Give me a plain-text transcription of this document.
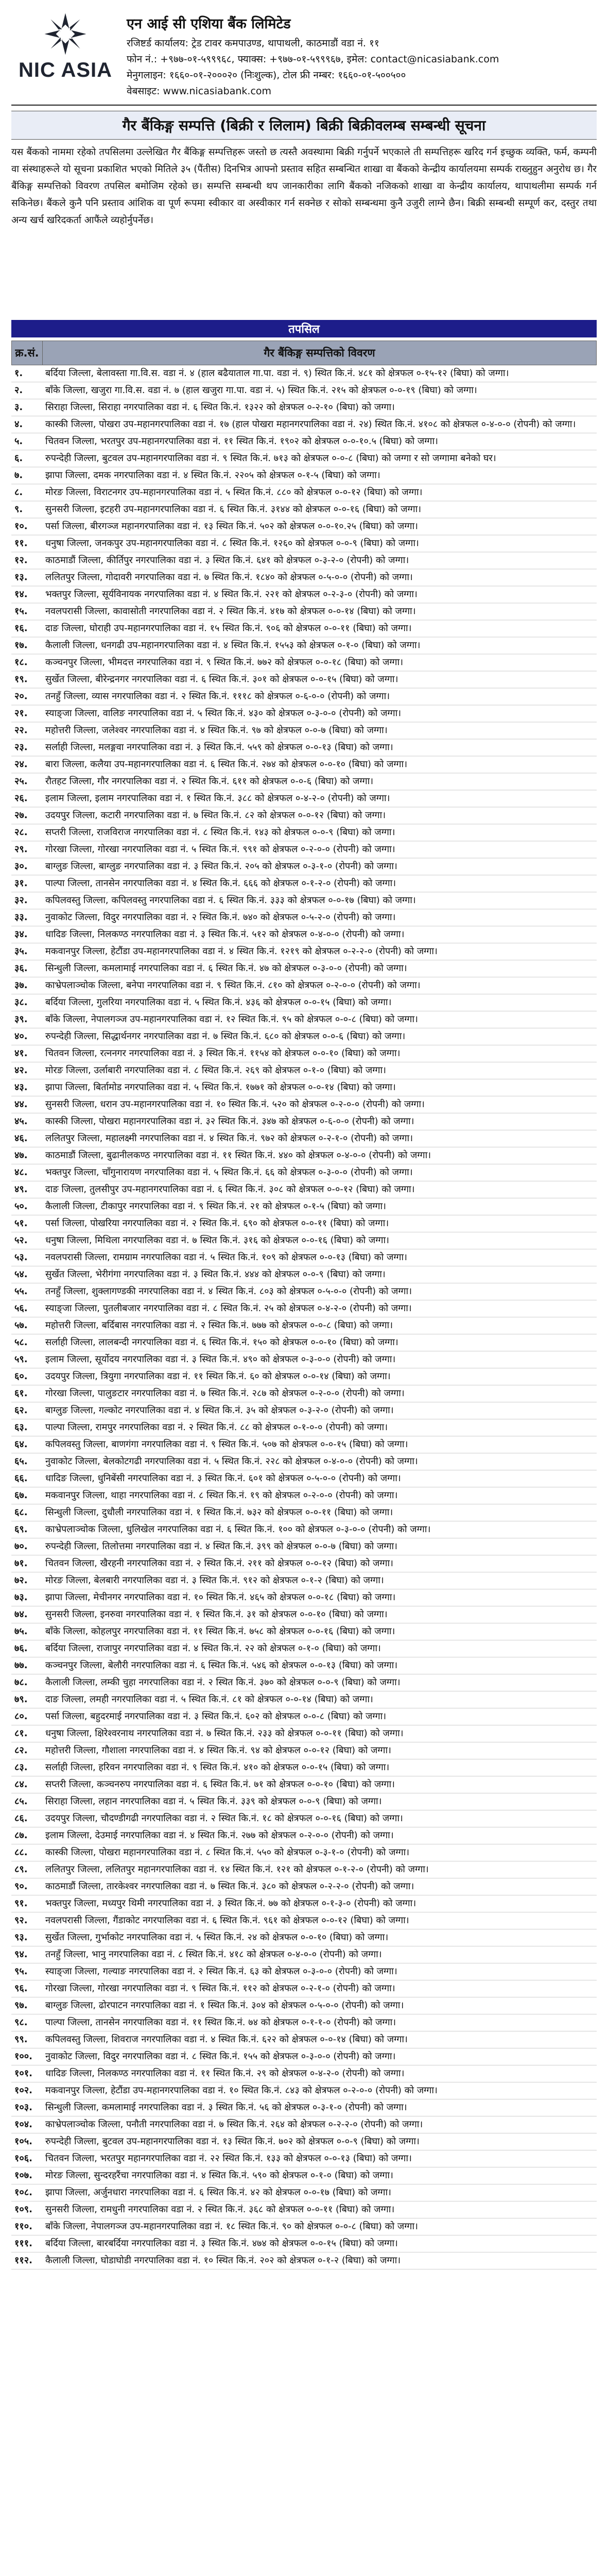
NIC ASIA

एन आई सी एशिया बैंक लिमिटेड

रजिष्टर्ड कार्यालय: ट्रेड टावर कमपाउण्ड, थापाथली, काठमाडौं वडा नं. ११

फोन नं.: +९७७-०१-५९९९६८, फ्याक्स: +९७७-०१-५९९९६७, इमेल: contact@nicasiabank.com

मेनुगलाइन: १६६०-०१-२०००२० (निःशुल्क), टोल फ्री नम्बर: १६६०-०१-५००५००

वेबसाइट: www.nicasiabank.com

गैर बैंकिङ्ग सम्पत्ति (बिक्री र लिलाम) बिक्री बिक्रीवलम्ब सम्बन्धी सूचना

यस बैंकको नाममा रहेको तपसिलमा उल्लेखित गैर बैंकिङ्ग सम्पत्तिहरू जस्तो छ त्यस्तै अवस्थामा बिक्री गर्नुपर्ने भएकाले ती सम्पत्तिहरू खरिद गर्न इच्छुक व्यक्ति, फर्म, कम्पनी वा संस्थाहरूले यो सूचना प्रकाशित भएको मितिले ३५ (पैंतीस) दिनभित्र आफ्नो प्रस्ताव सहित सम्बन्धित शाखा वा बैंकको केन्द्रीय कार्यालयमा सम्पर्क राख्नुहुन अनुरोध छ। गैर बैंकिङ्ग सम्पत्तिको विवरण तपसिल बमोजिम रहेको छ। सम्पत्ति सम्बन्धी थप जानकारीका लागि बैंकको नजिकको शाखा वा केन्द्रीय कार्यालय, थापाथलीमा सम्पर्क गर्न सकिनेछ। बैंकले कुनै पनि प्रस्ताव आंशिक वा पूर्ण रूपमा स्वीकार वा अस्वीकार गर्न सक्नेछ र सोको सम्बन्धमा कुनै उजुरी लाग्ने छैन। बिक्री सम्बन्धी सम्पूर्ण कर, दस्तुर तथा अन्य खर्च खरिदकर्ता आफैंले व्यहोर्नुपर्नेछ।

तपसिल
क्र.सं.	गैर बैंकिङ्ग सम्पत्तिको विवरण
१.	बर्दिया जिल्ला, बेलावस्ता गा.वि.स. वडा नं. ४ (हाल बढैयाताल गा.पा. वडा नं. ९) स्थित कि.नं. ४८१ को क्षेत्रफल ०-१५-१२ (बिघा) को जग्गा।
२.	बाँके जिल्ला, खजुरा गा.वि.स. वडा नं. ७ (हाल खजुरा गा.पा. वडा नं. ५) स्थित कि.नं. २१५ को क्षेत्रफल ०-०-१९ (बिघा) को जग्गा।
३.	सिराहा जिल्ला, सिराहा नगरपालिका वडा नं. ६ स्थित कि.नं. १३२२ को क्षेत्रफल ०-२-१० (बिघा) को जग्गा।
४.	कास्की जिल्ला, पोखरा उप-महानगरपालिका वडा नं. १७ (हाल पोखरा महानगरपालिका वडा नं. २४) स्थित कि.नं. ४१०८ को क्षेत्रफल ०-४-०-० (रोपनी) को जग्गा।
५.	चितवन जिल्ला, भरतपुर उप-महानगरपालिका वडा नं. ११ स्थित कि.नं. १९०२ को क्षेत्रफल ०-०-१०.५ (बिघा) को जग्गा।
६.	रुपन्देही जिल्ला, बुटवल उप-महानगरपालिका वडा नं. ९ स्थित कि.नं. ७१३ को क्षेत्रफल ०-०-८ (बिघा) को जग्गा र सो जग्गामा बनेको घर।
७.	झापा जिल्ला, दमक नगरपालिका वडा नं. ४ स्थित कि.नं. २२०५ को क्षेत्रफल ०-१-५ (बिघा) को जग्गा।
८.	मोरङ जिल्ला, विराटनगर उप-महानगरपालिका वडा नं. ५ स्थित कि.नं. ८८० को क्षेत्रफल ०-०-१२ (बिघा) को जग्गा।
९.	सुनसरी जिल्ला, इटहरी उप-महानगरपालिका वडा नं. ६ स्थित कि.नं. ३१४४ को क्षेत्रफल ०-०-१६ (बिघा) को जग्गा।
१०.	पर्सा जिल्ला, बीरगञ्ज महानगरपालिका वडा नं. १३ स्थित कि.नं. ५०२ को क्षेत्रफल ०-०-१०.२५ (बिघा) को जग्गा।
११.	धनुषा जिल्ला, जनकपुर उप-महानगरपालिका वडा नं. ८ स्थित कि.नं. १२६० को क्षेत्रफल ०-०-९ (बिघा) को जग्गा।
१२.	काठमाडौं जिल्ला, कीर्तिपुर नगरपालिका वडा नं. ३ स्थित कि.नं. ६४१ को क्षेत्रफल ०-३-२-० (रोपनी) को जग्गा।
१३.	ललितपुर जिल्ला, गोदावरी नगरपालिका वडा नं. ७ स्थित कि.नं. १८४० को क्षेत्रफल ०-५-०-० (रोपनी) को जग्गा।
१४.	भक्तपुर जिल्ला, सूर्यविनायक नगरपालिका वडा नं. ४ स्थित कि.नं. २२१ को क्षेत्रफल ०-२-३-० (रोपनी) को जग्गा।
१५.	नवलपरासी जिल्ला, कावासोती नगरपालिका वडा नं. २ स्थित कि.नं. ४१७ को क्षेत्रफल ०-०-१४ (बिघा) को जग्गा।
१६.	दाङ जिल्ला, घोराही उप-महानगरपालिका वडा नं. १५ स्थित कि.नं. ९०६ को क्षेत्रफल ०-०-११ (बिघा) को जग्गा।
१७.	कैलाली जिल्ला, धनगढी उप-महानगरपालिका वडा नं. ४ स्थित कि.नं. १५५३ को क्षेत्रफल ०-१-० (बिघा) को जग्गा।
१८.	कञ्चनपुर जिल्ला, भीमदत्त नगरपालिका वडा नं. ९ स्थित कि.नं. ७७२ को क्षेत्रफल ०-०-१८ (बिघा) को जग्गा।
१९.	सुर्खेत जिल्ला, बीरेन्द्रनगर नगरपालिका वडा नं. ६ स्थित कि.नं. ३०१ को क्षेत्रफल ०-०-१५ (बिघा) को जग्गा।
२०.	तनहुँ जिल्ला, व्यास नगरपालिका वडा नं. २ स्थित कि.नं. १११८ को क्षेत्रफल ०-६-०-० (रोपनी) को जग्गा।
२१.	स्याङ्जा जिल्ला, वालिङ नगरपालिका वडा नं. ५ स्थित कि.नं. ४३० को क्षेत्रफल ०-३-०-० (रोपनी) को जग्गा।
२२.	महोत्तरी जिल्ला, जलेश्वर नगरपालिका वडा नं. ४ स्थित कि.नं. ९७ को क्षेत्रफल ०-०-७ (बिघा) को जग्गा।
२३.	सर्लाही जिल्ला, मलङ्गवा नगरपालिका वडा नं. ३ स्थित कि.नं. ५५९ को क्षेत्रफल ०-०-१३ (बिघा) को जग्गा।
२४.	बारा जिल्ला, कलैया उप-महानगरपालिका वडा नं. ६ स्थित कि.नं. २७४ को क्षेत्रफल ०-०-१० (बिघा) को जग्गा।
२५.	रौतहट जिल्ला, गौर नगरपालिका वडा नं. २ स्थित कि.नं. ६११ को क्षेत्रफल ०-०-६ (बिघा) को जग्गा।
२६.	इलाम जिल्ला, इलाम नगरपालिका वडा नं. १ स्थित कि.नं. ३८८ को क्षेत्रफल ०-४-२-० (रोपनी) को जग्गा।
२७.	उदयपुर जिल्ला, कटारी नगरपालिका वडा नं. ७ स्थित कि.नं. ८२ को क्षेत्रफल ०-०-१२ (बिघा) को जग्गा।
२८.	सप्तरी जिल्ला, राजविराज नगरपालिका वडा नं. ८ स्थित कि.नं. १४३ को क्षेत्रफल ०-०-९ (बिघा) को जग्गा।
२९.	गोरखा जिल्ला, गोरखा नगरपालिका वडा नं. ५ स्थित कि.नं. ९९१ को क्षेत्रफल ०-२-०-० (रोपनी) को जग्गा।
३०.	बाग्लुङ जिल्ला, बाग्लुङ नगरपालिका वडा नं. ३ स्थित कि.नं. २०५ को क्षेत्रफल ०-३-१-० (रोपनी) को जग्गा।
३१.	पाल्पा जिल्ला, तानसेन नगरपालिका वडा नं. ४ स्थित कि.नं. ६६६ को क्षेत्रफल ०-१-२-० (रोपनी) को जग्गा।
३२.	कपिलवस्तु जिल्ला, कपिलवस्तु नगरपालिका वडा नं. ६ स्थित कि.नं. ३३३ को क्षेत्रफल ०-०-१७ (बिघा) को जग्गा।
३३.	नुवाकोट जिल्ला, विदुर नगरपालिका वडा नं. २ स्थित कि.नं. ७४० को क्षेत्रफल ०-५-२-० (रोपनी) को जग्गा।
३४.	धादिङ जिल्ला, निलकण्ठ नगरपालिका वडा नं. ३ स्थित कि.नं. ५१२ को क्षेत्रफल ०-४-०-० (रोपनी) को जग्गा।
३५.	मकवानपुर जिल्ला, हेटौंडा उप-महानगरपालिका वडा नं. ४ स्थित कि.नं. १२१९ को क्षेत्रफल ०-२-२-० (रोपनी) को जग्गा।
३६.	सिन्धुली जिल्ला, कमलामाई नगरपालिका वडा नं. ६ स्थित कि.नं. ४७ को क्षेत्रफल ०-३-०-० (रोपनी) को जग्गा।
३७.	काभ्रेपलाञ्चोक जिल्ला, बनेपा नगरपालिका वडा नं. ९ स्थित कि.नं. ८१० को क्षेत्रफल ०-२-०-० (रोपनी) को जग्गा।
३८.	बर्दिया जिल्ला, गुलरिया नगरपालिका वडा नं. ५ स्थित कि.नं. ४३६ को क्षेत्रफल ०-०-१५ (बिघा) को जग्गा।
३९.	बाँके जिल्ला, नेपालगञ्ज उप-महानगरपालिका वडा नं. १२ स्थित कि.नं. ९५ को क्षेत्रफल ०-०-८ (बिघा) को जग्गा।
४०.	रुपन्देही जिल्ला, सिद्धार्थनगर नगरपालिका वडा नं. ७ स्थित कि.नं. ६८० को क्षेत्रफल ०-०-६ (बिघा) को जग्गा।
४१.	चितवन जिल्ला, रत्ननगर नगरपालिका वडा नं. ३ स्थित कि.नं. ११५४ को क्षेत्रफल ०-०-१० (बिघा) को जग्गा।
४२.	मोरङ जिल्ला, उर्लाबारी नगरपालिका वडा नं. ८ स्थित कि.नं. २६९ को क्षेत्रफल ०-१-० (बिघा) को जग्गा।
४३.	झापा जिल्ला, बिर्तामोड नगरपालिका वडा नं. ५ स्थित कि.नं. १७७१ को क्षेत्रफल ०-०-१४ (बिघा) को जग्गा।
४४.	सुनसरी जिल्ला, धरान उप-महानगरपालिका वडा नं. १० स्थित कि.नं. ५२० को क्षेत्रफल ०-२-०-० (रोपनी) को जग्गा।
४५.	कास्की जिल्ला, पोखरा महानगरपालिका वडा नं. ३२ स्थित कि.नं. ३४७ को क्षेत्रफल ०-६-०-० (रोपनी) को जग्गा।
४६.	ललितपुर जिल्ला, महालक्ष्मी नगरपालिका वडा नं. ४ स्थित कि.नं. ९७२ को क्षेत्रफल ०-२-१-० (रोपनी) को जग्गा।
४७.	काठमाडौं जिल्ला, बुढानीलकण्ठ नगरपालिका वडा नं. ११ स्थित कि.नं. ४४० को क्षेत्रफल ०-४-०-० (रोपनी) को जग्गा।
४८.	भक्तपुर जिल्ला, चाँगुनारायण नगरपालिका वडा नं. ५ स्थित कि.नं. ६६ को क्षेत्रफल ०-३-०-० (रोपनी) को जग्गा।
४९.	दाङ जिल्ला, तुलसीपुर उप-महानगरपालिका वडा नं. ६ स्थित कि.नं. ३०८ को क्षेत्रफल ०-०-१२ (बिघा) को जग्गा।
५०.	कैलाली जिल्ला, टीकापुर नगरपालिका वडा नं. ९ स्थित कि.नं. २१ को क्षेत्रफल ०-१-५ (बिघा) को जग्गा।
५१.	पर्सा जिल्ला, पोखरिया नगरपालिका वडा नं. २ स्थित कि.नं. ६९० को क्षेत्रफल ०-०-११ (बिघा) को जग्गा।
५२.	धनुषा जिल्ला, मिथिला नगरपालिका वडा नं. ७ स्थित कि.नं. ३१६ को क्षेत्रफल ०-०-१६ (बिघा) को जग्गा।
५३.	नवलपरासी जिल्ला, रामग्राम नगरपालिका वडा नं. ५ स्थित कि.नं. १०९ को क्षेत्रफल ०-०-१३ (बिघा) को जग्गा।
५४.	सुर्खेत जिल्ला, भेरीगंगा नगरपालिका वडा नं. ३ स्थित कि.नं. ४४४ को क्षेत्रफल ०-०-९ (बिघा) को जग्गा।
५५.	तनहुँ जिल्ला, शुक्लागण्डकी नगरपालिका वडा नं. ४ स्थित कि.नं. ८०३ को क्षेत्रफल ०-५-०-० (रोपनी) को जग्गा।
५६.	स्याङ्जा जिल्ला, पुतलीबजार नगरपालिका वडा नं. ८ स्थित कि.नं. २५ को क्षेत्रफल ०-४-२-० (रोपनी) को जग्गा।
५७.	महोत्तरी जिल्ला, बर्दिबास नगरपालिका वडा नं. २ स्थित कि.नं. ७७७ को क्षेत्रफल ०-०-८ (बिघा) को जग्गा।
५८.	सर्लाही जिल्ला, लालबन्दी नगरपालिका वडा नं. ६ स्थित कि.नं. १५० को क्षेत्रफल ०-०-१० (बिघा) को जग्गा।
५९.	इलाम जिल्ला, सूर्योदय नगरपालिका वडा नं. ३ स्थित कि.नं. ४९० को क्षेत्रफल ०-३-०-० (रोपनी) को जग्गा।
६०.	उदयपुर जिल्ला, त्रियुगा नगरपालिका वडा नं. ११ स्थित कि.नं. ६० को क्षेत्रफल ०-०-१४ (बिघा) को जग्गा।
६१.	गोरखा जिल्ला, पालुङटार नगरपालिका वडा नं. ७ स्थित कि.नं. २८७ को क्षेत्रफल ०-२-०-० (रोपनी) को जग्गा।
६२.	बाग्लुङ जिल्ला, गल्कोट नगरपालिका वडा नं. ४ स्थित कि.नं. ३५ को क्षेत्रफल ०-३-२-० (रोपनी) को जग्गा।
६३.	पाल्पा जिल्ला, रामपुर नगरपालिका वडा नं. २ स्थित कि.नं. ८८ को क्षेत्रफल ०-१-०-० (रोपनी) को जग्गा।
६४.	कपिलवस्तु जिल्ला, बाणगंगा नगरपालिका वडा नं. ९ स्थित कि.नं. ५०७ को क्षेत्रफल ०-०-१५ (बिघा) को जग्गा।
६५.	नुवाकोट जिल्ला, बेलकोटगढी नगरपालिका वडा नं. ५ स्थित कि.नं. २२८ को क्षेत्रफल ०-४-०-० (रोपनी) को जग्गा।
६६.	धादिङ जिल्ला, धुनिबेंसी नगरपालिका वडा नं. ३ स्थित कि.नं. ६०१ को क्षेत्रफल ०-५-०-० (रोपनी) को जग्गा।
६७.	मकवानपुर जिल्ला, थाहा नगरपालिका वडा नं. ८ स्थित कि.नं. १९ को क्षेत्रफल ०-२-०-० (रोपनी) को जग्गा।
६८.	सिन्धुली जिल्ला, दुधौली नगरपालिका वडा नं. १ स्थित कि.नं. ७३२ को क्षेत्रफल ०-०-११ (बिघा) को जग्गा।
६९.	काभ्रेपलाञ्चोक जिल्ला, धुलिखेल नगरपालिका वडा नं. ६ स्थित कि.नं. १०० को क्षेत्रफल ०-३-०-० (रोपनी) को जग्गा।
७०.	रुपन्देही जिल्ला, तिलोत्तमा नगरपालिका वडा नं. ४ स्थित कि.नं. ३९९ को क्षेत्रफल ०-०-७ (बिघा) को जग्गा।
७१.	चितवन जिल्ला, खैरहनी नगरपालिका वडा नं. २ स्थित कि.नं. २११ को क्षेत्रफल ०-०-१२ (बिघा) को जग्गा।
७२.	मोरङ जिल्ला, बेलबारी नगरपालिका वडा नं. ३ स्थित कि.नं. ९१२ को क्षेत्रफल ०-१-२ (बिघा) को जग्गा।
७३.	झापा जिल्ला, मेचीनगर नगरपालिका वडा नं. १० स्थित कि.नं. ४६५ को क्षेत्रफल ०-०-१८ (बिघा) को जग्गा।
७४.	सुनसरी जिल्ला, इनरुवा नगरपालिका वडा नं. १ स्थित कि.नं. ३१ को क्षेत्रफल ०-०-१० (बिघा) को जग्गा।
७५.	बाँके जिल्ला, कोहलपुर नगरपालिका वडा नं. ११ स्थित कि.नं. ७५८ को क्षेत्रफल ०-०-१६ (बिघा) को जग्गा।
७६.	बर्दिया जिल्ला, राजापुर नगरपालिका वडा नं. ४ स्थित कि.नं. २२ को क्षेत्रफल ०-१-० (बिघा) को जग्गा।
७७.	कञ्चनपुर जिल्ला, बेलौरी नगरपालिका वडा नं. ६ स्थित कि.नं. ५४६ को क्षेत्रफल ०-०-१३ (बिघा) को जग्गा।
७८.	कैलाली जिल्ला, लम्की चुहा नगरपालिका वडा नं. २ स्थित कि.नं. ३७० को क्षेत्रफल ०-०-९ (बिघा) को जग्गा।
७९.	दाङ जिल्ला, लमही नगरपालिका वडा नं. ५ स्थित कि.नं. ८१ को क्षेत्रफल ०-०-१४ (बिघा) को जग्गा।
८०.	पर्सा जिल्ला, बहुदरमाई नगरपालिका वडा नं. ३ स्थित कि.नं. ६०२ को क्षेत्रफल ०-०-८ (बिघा) को जग्गा।
८१.	धनुषा जिल्ला, क्षिरेश्वरनाथ नगरपालिका वडा नं. ७ स्थित कि.नं. २३३ को क्षेत्रफल ०-०-११ (बिघा) को जग्गा।
८२.	महोत्तरी जिल्ला, गौशाला नगरपालिका वडा नं. ४ स्थित कि.नं. ९४ को क्षेत्रफल ०-०-१२ (बिघा) को जग्गा।
८३.	सर्लाही जिल्ला, हरिवन नगरपालिका वडा नं. ९ स्थित कि.नं. ४१० को क्षेत्रफल ०-०-१५ (बिघा) को जग्गा।
८४.	सप्तरी जिल्ला, कञ्चनरुप नगरपालिका वडा नं. ६ स्थित कि.नं. ७१ को क्षेत्रफल ०-०-१० (बिघा) को जग्गा।
८५.	सिराहा जिल्ला, लहान नगरपालिका वडा नं. ५ स्थित कि.नं. ३३९ को क्षेत्रफल ०-०-९ (बिघा) को जग्गा।
८६.	उदयपुर जिल्ला, चौदण्डीगढी नगरपालिका वडा नं. २ स्थित कि.नं. १८ को क्षेत्रफल ०-०-१६ (बिघा) को जग्गा।
८७.	इलाम जिल्ला, देउमाई नगरपालिका वडा नं. ४ स्थित कि.नं. २७७ को क्षेत्रफल ०-२-०-० (रोपनी) को जग्गा।
८८.	कास्की जिल्ला, पोखरा महानगरपालिका वडा नं. ८ स्थित कि.नं. ५५० को क्षेत्रफल ०-३-१-० (रोपनी) को जग्गा।
८९.	ललितपुर जिल्ला, ललितपुर महानगरपालिका वडा नं. १४ स्थित कि.नं. १२१ को क्षेत्रफल ०-१-२-० (रोपनी) को जग्गा।
९०.	काठमाडौं जिल्ला, तारकेश्वर नगरपालिका वडा नं. ७ स्थित कि.नं. ३८० को क्षेत्रफल ०-२-२-० (रोपनी) को जग्गा।
९१.	भक्तपुर जिल्ला, मध्यपुर थिमी नगरपालिका वडा नं. ३ स्थित कि.नं. ७७ को क्षेत्रफल ०-१-३-० (रोपनी) को जग्गा।
९२.	नवलपरासी जिल्ला, गैंडाकोट नगरपालिका वडा नं. ६ स्थित कि.नं. ९६१ को क्षेत्रफल ०-०-१२ (बिघा) को जग्गा।
९३.	सुर्खेत जिल्ला, गुर्भाकोट नगरपालिका वडा नं. ५ स्थित कि.नं. २४ को क्षेत्रफल ०-०-१० (बिघा) को जग्गा।
९४.	तनहुँ जिल्ला, भानु नगरपालिका वडा नं. ८ स्थित कि.नं. ४१८ को क्षेत्रफल ०-४-०-० (रोपनी) को जग्गा।
९५.	स्याङ्जा जिल्ला, गल्याङ नगरपालिका वडा नं. २ स्थित कि.नं. ६३ को क्षेत्रफल ०-३-०-० (रोपनी) को जग्गा।
९६.	गोरखा जिल्ला, गोरखा नगरपालिका वडा नं. ९ स्थित कि.नं. ११२ को क्षेत्रफल ०-२-१-० (रोपनी) को जग्गा।
९७.	बाग्लुङ जिल्ला, ढोरपाटन नगरपालिका वडा नं. १ स्थित कि.नं. ३०४ को क्षेत्रफल ०-५-०-० (रोपनी) को जग्गा।
९८.	पाल्पा जिल्ला, तानसेन नगरपालिका वडा नं. ११ स्थित कि.नं. ७४ को क्षेत्रफल ०-१-१-० (रोपनी) को जग्गा।
९९.	कपिलवस्तु जिल्ला, शिवराज नगरपालिका वडा नं. ४ स्थित कि.नं. ६२२ को क्षेत्रफल ०-०-१४ (बिघा) को जग्गा।
१००.	नुवाकोट जिल्ला, विदुर नगरपालिका वडा नं. ८ स्थित कि.नं. १५५ को क्षेत्रफल ०-३-०-० (रोपनी) को जग्गा।
१०१.	धादिङ जिल्ला, निलकण्ठ नगरपालिका वडा नं. ११ स्थित कि.नं. २९ को क्षेत्रफल ०-४-२-० (रोपनी) को जग्गा।
१०२.	मकवानपुर जिल्ला, हेटौंडा उप-महानगरपालिका वडा नं. १० स्थित कि.नं. ८४३ को क्षेत्रफल ०-२-०-० (रोपनी) को जग्गा।
१०३.	सिन्धुली जिल्ला, कमलामाई नगरपालिका वडा नं. ३ स्थित कि.नं. ५६ को क्षेत्रफल ०-३-१-० (रोपनी) को जग्गा।
१०४.	काभ्रेपलाञ्चोक जिल्ला, पनौती नगरपालिका वडा नं. ७ स्थित कि.नं. २६४ को क्षेत्रफल ०-२-२-० (रोपनी) को जग्गा।
१०५.	रुपन्देही जिल्ला, बुटवल उप-महानगरपालिका वडा नं. १३ स्थित कि.नं. ७०२ को क्षेत्रफल ०-०-९ (बिघा) को जग्गा।
१०६.	चितवन जिल्ला, भरतपुर महानगरपालिका वडा नं. २२ स्थित कि.नं. १३३ को क्षेत्रफल ०-०-१३ (बिघा) को जग्गा।
१०७.	मोरङ जिल्ला, सुन्दरहरैंचा नगरपालिका वडा नं. ४ स्थित कि.नं. ५९० को क्षेत्रफल ०-१-० (बिघा) को जग्गा।
१०८.	झापा जिल्ला, अर्जुनधारा नगरपालिका वडा नं. ६ स्थित कि.नं. ४२ को क्षेत्रफल ०-०-१७ (बिघा) को जग्गा।
१०९.	सुनसरी जिल्ला, रामधुनी नगरपालिका वडा नं. २ स्थित कि.नं. ३६८ को क्षेत्रफल ०-०-११ (बिघा) को जग्गा।
११०.	बाँके जिल्ला, नेपालगञ्ज उप-महानगरपालिका वडा नं. १८ स्थित कि.नं. ९० को क्षेत्रफल ०-०-८ (बिघा) को जग्गा।
१११.	बर्दिया जिल्ला, बारबर्दिया नगरपालिका वडा नं. ३ स्थित कि.नं. ४७४ को क्षेत्रफल ०-०-१५ (बिघा) को जग्गा।
११२.	कैलाली जिल्ला, घोडाघोडी नगरपालिका वडा नं. १० स्थित कि.नं. २०२ को क्षेत्रफल ०-१-२ (बिघा) को जग्गा।
